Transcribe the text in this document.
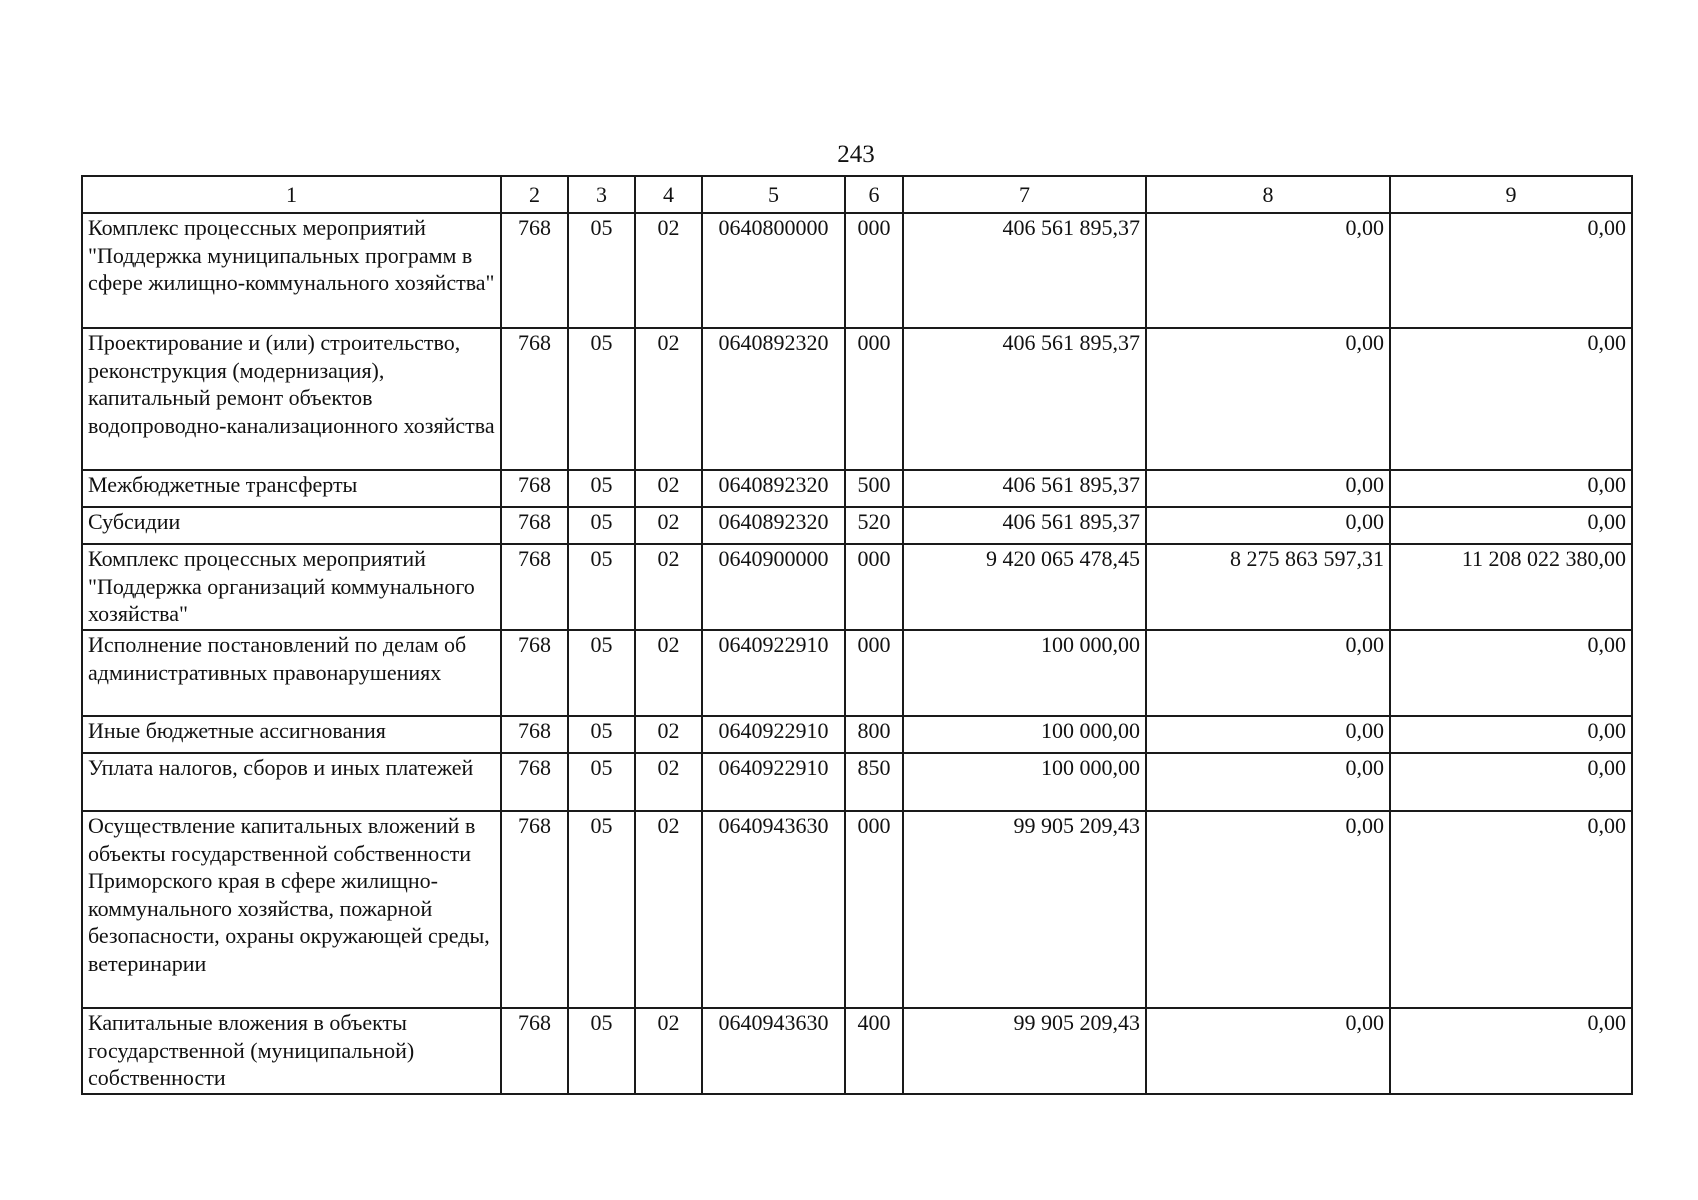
243
1	2	3	4	5	6	7	8	9
Комплекс процессных мероприятий "Поддержка муниципальных программ в сфере жилищно-коммунального хозяйства"	768	05	02	0640800000	000	406 561 895,37	0,00	0,00
Проектирование и (или) строительство, реконструкция (модернизация), капитальный ремонт объектов водопроводно-канализационного хозяйства	768	05	02	0640892320	000	406 561 895,37	0,00	0,00
Межбюджетные трансферты	768	05	02	0640892320	500	406 561 895,37	0,00	0,00
Субсидии	768	05	02	0640892320	520	406 561 895,37	0,00	0,00
Комплекс процессных мероприятий "Поддержка организаций коммунального хозяйства"	768	05	02	0640900000	000	9 420 065 478,45	8 275 863 597,31	11 208 022 380,00
Исполнение постановлений по делам об административных правонарушениях	768	05	02	0640922910	000	100 000,00	0,00	0,00
Иные бюджетные ассигнования	768	05	02	0640922910	800	100 000,00	0,00	0,00
Уплата налогов, сборов и иных платежей	768	05	02	0640922910	850	100 000,00	0,00	0,00
Осуществление капитальных вложений в объекты государственной собственности Приморского края в сфере жилищно-коммунального хозяйства, пожарной безопасности, охраны окружающей среды, ветеринарии	768	05	02	0640943630	000	99 905 209,43	0,00	0,00
Капитальные вложения в объекты государственной (муниципальной) собственности	768	05	02	0640943630	400	99 905 209,43	0,00	0,00
